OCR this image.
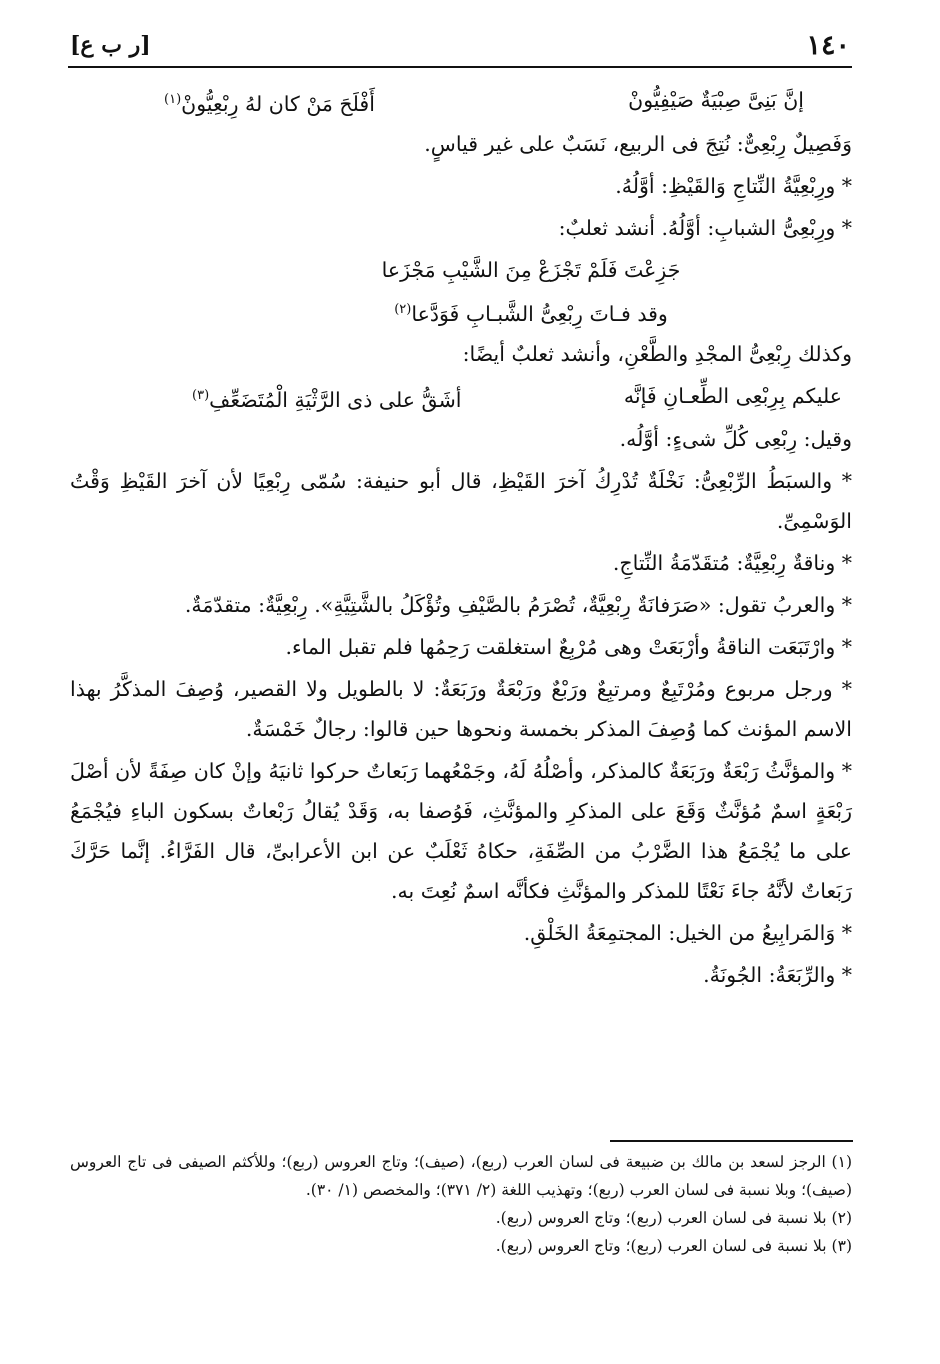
١٤٠
[ر ب ع]
إنَّ بَنِىَّ صِبْيَةٌ صَيْفِيُّونْ
أَفْلَحَ مَنْ كان لهُ رِبْعِيُّونْ$^{(١)}$

وَفَصِيلٌ رِبْعِىٌّ: نُتِجَ فى الربيع، نَسَبٌ على غير قياسٍ.

* ورِبْعِيَّةُ النِّتاجِ وَالقَيْظِ: أوَّلُهُ.

* ورِبْعِىُّ الشبابِ: أوَّلُهُ. أنشد ثعلبٌ:

جَزِعْتَ فَلَمْ تَجْزَعْ مِنَ الشَّيْبِ مَجْزَعا
وقد فـاتَ رِبْعِىُّ الشَّبـابِ فَوَدَّعا$^{(٢)}$

وكذلك رِبْعِىُّ المجْدِ والطَّعْنِ، وأنشد ثعلبٌ أيضًا:

عليكم بِرِبْعِى الطِّعـانِ فَإنَّه
أشَقُّ على ذى الرَّثْيَةِ الْمُتَضَعِّفِ$^{(٣)}$

وقيل: رِبْعِى كُلِّ شىءٍ: أوَّلُه.

* والسبَطُ الرِّبْعِىُّ: نَخْلَةٌ تُدْرِكُ آخرَ القَيْظِ، قال أبو حنيفة: سُمّى رِبْعِيًا لأن آخرَ القَيْظِ وَقْتُ الوَسْمِىِّ.

* وناقةٌ رِبْعِيَّةٌ: مُتقَدّمَةُ النِّتاجِ.

* والعربُ تقول: «صَرَفانَةٌ رِبْعِيَّةٌ، تُصْرَمُ بالصَّيْفِ وتُؤْكَلُ بالشَّتِيَّةِ». رِبْعِيَّةٌ: متقدّمَةٌ.

* وارْتَبَعَت الناقةُ وأرْبَعَتْ وهى مُرْبِعٌ استغلقت رَحِمُها فلم تقبل الماء.

* ورجل مربوع ومُرْتَبِعٌ ومرتبِعٌ ورَبْعٌ ورَبْعَةٌ ورَبَعَةٌ: لا بالطويل ولا القصير، وُصِفَ المذكَّرُ بهذا الاسم المؤنث كما وُصِفَ المذكر بخمسة ونحوها حين قالوا: رجالٌ خَمْسَةٌ.

* والمؤنَّثُ رَبْعَةٌ ورَبَعَةٌ كالمذكر، وأصْلُهُ لَهُ، وجَمْعُهما رَبَعاتٌ حركوا ثانيَهُ وإنْ كان صِفَةً لأن أصْلَ رَبْعَةٍ اسمٌ مُؤنَّثٌ وَقَعَ على المذكرِ والمؤنَّثِ، فَوُصفا به، وَقَدْ يُقالُ رَبْعاتٌ بسكون الباءِ فيُجْمَعُ على ما يُجْمَعُ هذا الضَّرْبُ من الصِّفَةِ، حكاهُ ثَعْلَبٌ عن ابن الأعرابىِّ، قال الفَرَّاءُ. إنَّما حَرَّكَ رَبَعاتٌ لأنَّهُ جاءَ نَعْتًا للمذكر والمؤنَّثِ فكأنَّه اسمٌ نُعِتَ به.

* وَالمَرابِيعُ من الخيل: المجتمِعَةُ الخَلْقِ.

* والرِّبَعَةُ: الجُونَةُ.

(١) الرجز لسعد بن مالك بن ضبيعة فى لسان العرب (ربع)، (صيف)؛ وتاج العروس (ربع)؛ وللأكثم الصيفى فى تاج العروس (صيف)؛ وبلا نسبة فى لسان العرب (ربع)؛ وتهذيب اللغة (٢/ ٣٧١)؛ والمخصص (١/ ٣٠).

(٢) بلا نسبة فى لسان العرب (ربع)؛ وتاج العروس (ربع).

(٣) بلا نسبة فى لسان العرب (ربع)؛ وتاج العروس (ربع).
